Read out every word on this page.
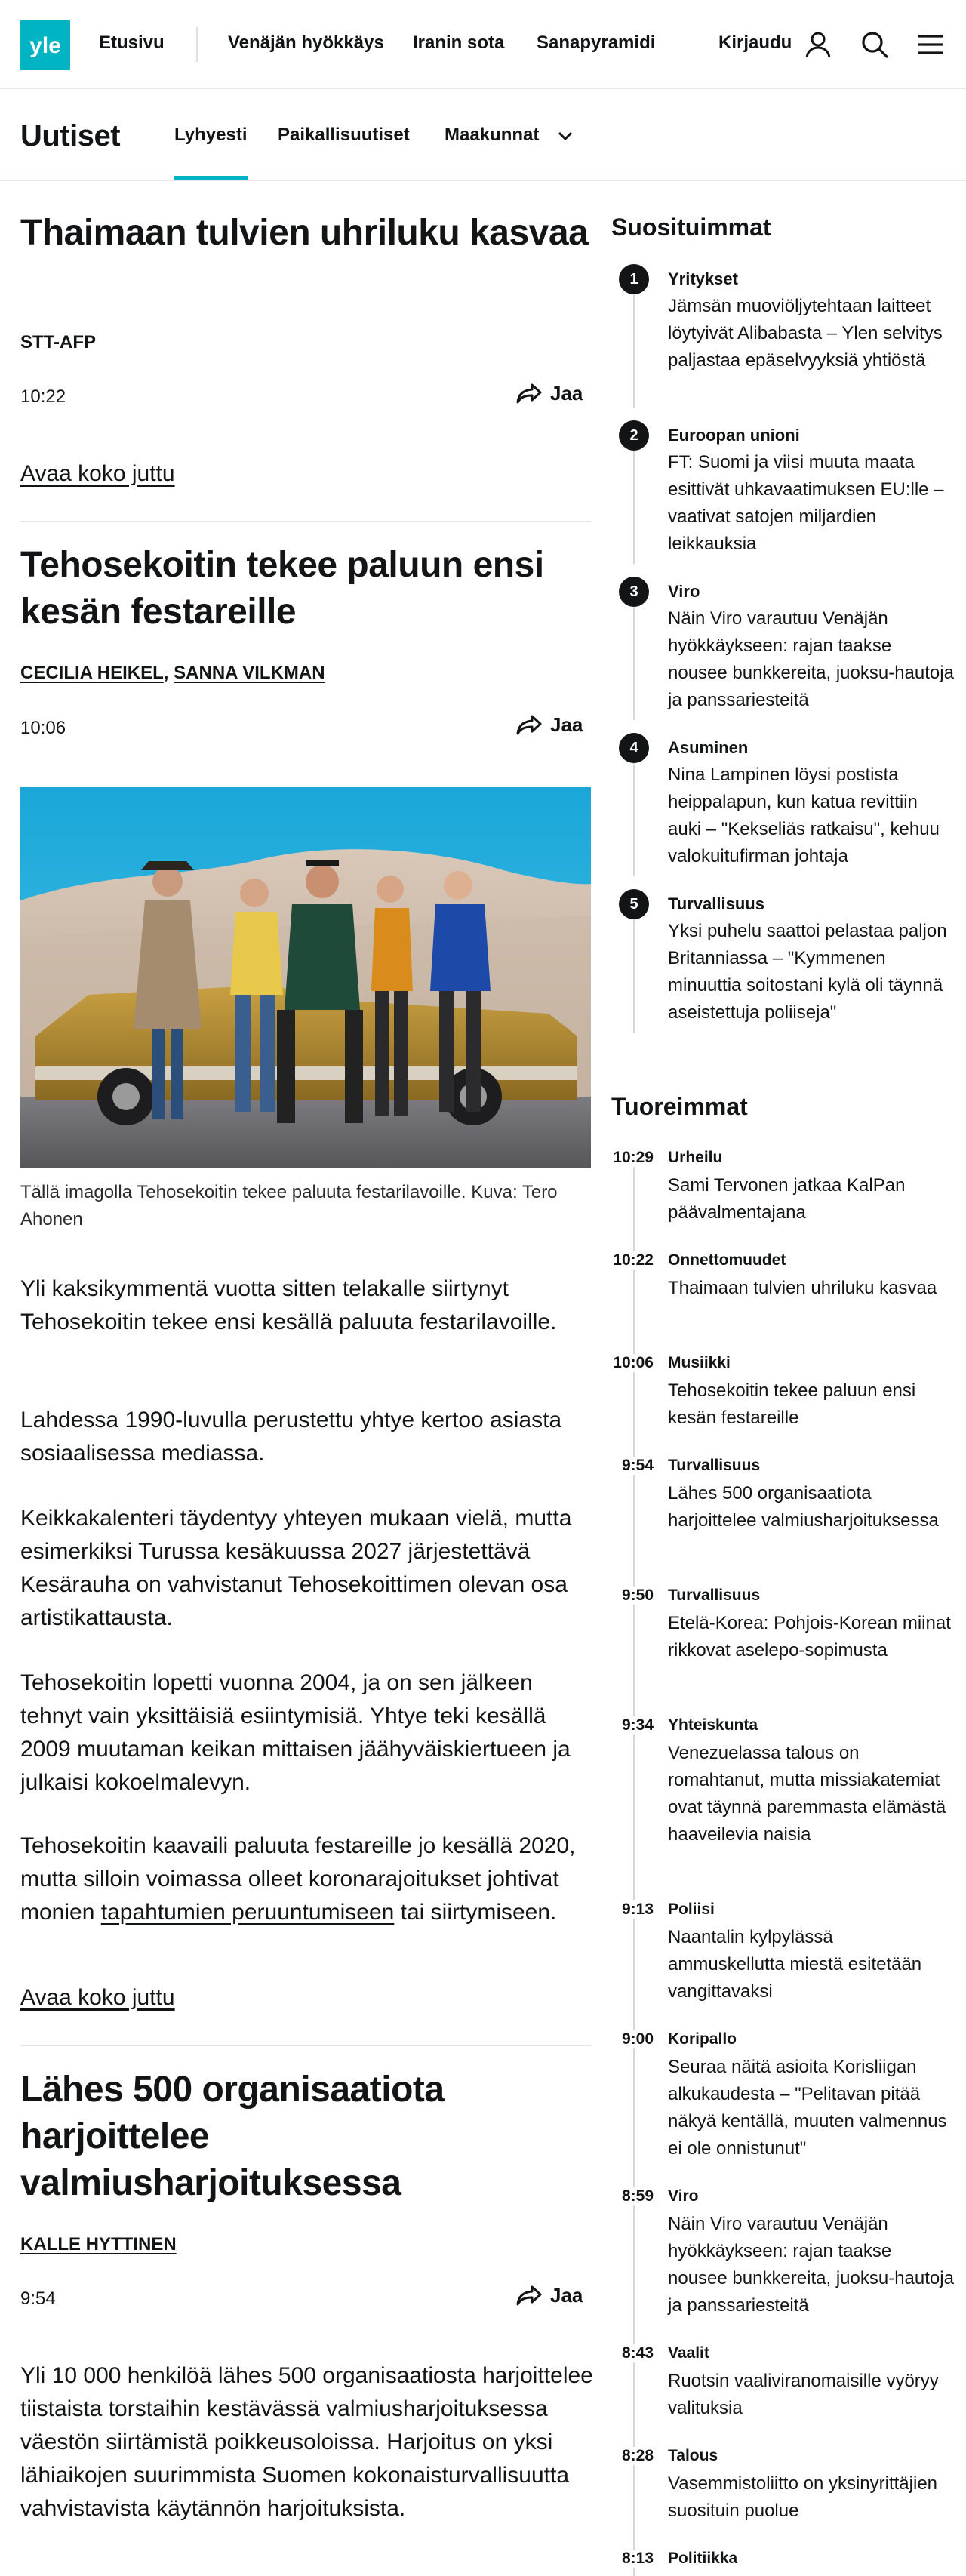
yle Etusivu	Venäjän hyökkäys Iranin sota Sanapyramidi	Kirjaudu
Uutiset	Lyhyesti Paikallisuutiset Maakunnat
Thaimaan tulvien uhriluku kasvaa
STT-AFP
10:22	Jaa
Avaa koko juttu
Tehosekoitin tekee paluun ensi kesän festareille
CECILIA HEIKEL, SANNA VILKMAN
10:06	Jaa

Tällä imagolla Tehosekoitin tekee paluuta festarilavoille. Kuva: Tero Ahonen

Yli kaksikymmentä vuotta sitten telakalle siirtynyt Tehosekoitin tekee ensi kesällä paluuta festarilavoille.

Lahdessa 1990-luvulla perustettu yhtye kertoo asiasta sosiaalisessa mediassa.

Keikkakalenteri täydentyy yhteyen mukaan vielä, mutta esimerkiksi Turussa kesäkuussa 2027 järjestettävä Kesärauha on vahvistanut Tehosekoittimen olevan osa artistikattausta.

Tehosekoitin lopetti vuonna 2004, ja on sen jälkeen tehnyt vain yksittäisiä esiintymisiä. Yhtye teki kesällä 2009 muutaman keikan mittaisen jäähyväiskiertueen ja julkaisi kokoelmalevyn.

Tehosekoitin kaavaili paluuta festareille jo kesällä 2020, mutta silloin voimassa olleet koronarajoitukset johtivat monien tapahtumien peruuntumiseen tai siirtymiseen.

Avaa koko juttu
Lähes 500 organisaatiota harjoittelee valmiusharjoituksessa
KALLE HYTTINEN
9:54	Jaa

Yli 10 000 henkilöä lähes 500 organisaatiosta harjoittelee tiistaista torstaihin kestävässä valmiusharjoituksessa väestön siirtämistä poikkeusoloissa. Harjoitus on yksi lähiaikojen suurimmista Suomen kokonaisturvallisuutta vahvistavista käytännön harjoituksista.

Suosituimmat
1	Yritykset
Jämsän muoviöljytehtaan laitteet löytyivät Alibabasta – Ylen selvitys paljastaa epäselvyyksiä yhtiöstä
2	Euroopan unioni
FT: Suomi ja viisi muuta maata esittivät uhkavaatimuksen EU:lle – vaativat satojen miljardien leikkauksia
3	Viro
Näin Viro varautuu Venäjän hyökkäykseen: rajan taakse nousee bunkkereita, juoksu-hautoja ja panssariesteitä
4	Asuminen
Nina Lampinen löysi postista heippalapun, kun katua revittiin auki – "Kekseliäs ratkaisu", kehuu valokuitufirman johtaja
5	Turvallisuus
Yksi puhelu saattoi pelastaa paljon Britanniassa – "Kymmenen minuuttia soitostani kylä oli täynnä aseistettuja poliiseja"
Tuoreimmat
10:29 Urheilu
Sami Tervonen jatkaa KalPan päävalmentajana
10:22 Onnettomuudet
Thaimaan tulvien uhriluku kasvaa
10:06 Musiikki
Tehosekoitin tekee paluun ensi kesän festareille
9:54 Turvallisuus
Lähes 500 organisaatiota harjoittelee valmiusharjoituksessa
9:50 Turvallisuus
Etelä-Korea: Pohjois-Korean miinat rikkovat aselepo-sopimusta
9:34 Yhteiskunta
Venezuelassa talous on romahtanut, mutta missiakatemiat ovat täynnä paremmasta elämästä haaveilevia naisia
9:13 Poliisi
Naantalin kylpylässä ammuskellutta miestä esitetään vangittavaksi
9:00 Koripallo
Seuraa näitä asioita Korisliigan alkukaudesta – "Pelitavan pitää näkyä kentällä, muuten valmennus ei ole onnistunut"
8:59 Viro
Näin Viro varautuu Venäjän hyökkäykseen: rajan taakse nousee bunkkereita, juoksu-hautoja ja panssariesteitä
8:43 Vaalit
Ruotsin vaaliviranomaisille vyöryy valituksia
8:28 Talous
Vasemmistoliitto on yksinyrittäjien suosituin puolue
8:13 Politiikka
